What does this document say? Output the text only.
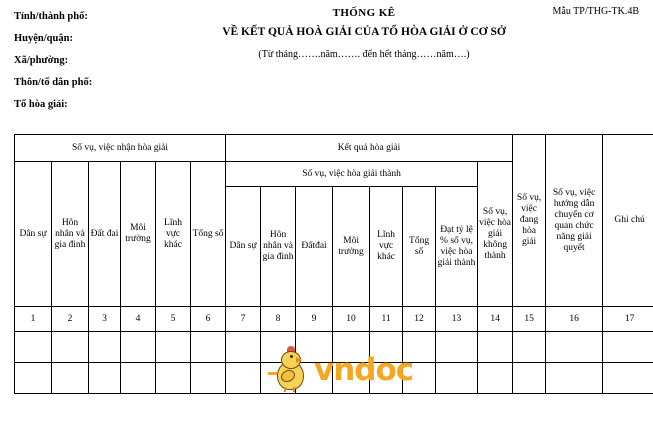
Tỉnh/thành phố:
Huyện/quận:
Xã/phường:
Thôn/tổ dân phố:
Tổ hòa giải:
THỐNG KÊ
VỀ KẾT QUẢ HOÀ GIẢI CỦA TỔ HÒA GIẢI Ở CƠ SỞ
(Từ tháng…….năm……. đến hết tháng……năm….)
Mẫu TP/THG-TK.4B
Số vụ, việc nhận hòa giải						Kết quả hòa giải								Số vụ, việc đang hòa giải	Số vụ, việc hướng dẫn chuyển cơ quan chức năng giải quyết	Ghi chú
Dân sự	Hôn nhân và gia đình	Đất đai	Môi trường	Lĩnh vực khác	Tổng số	Số vụ, việc hòa giải thành							Số vụ, việc hòa giải không thành			
						Dân sự	Hôn nhân và gia đình	Đấtđai	Môi trường	Lĩnh vực khác	Tổng số	Đạt tỷ lệ % số vụ, việc hòa giải thành				
1	2	3	4	5	6	7	8	9	10	11	12	13	14	15	16	17

vndoc
